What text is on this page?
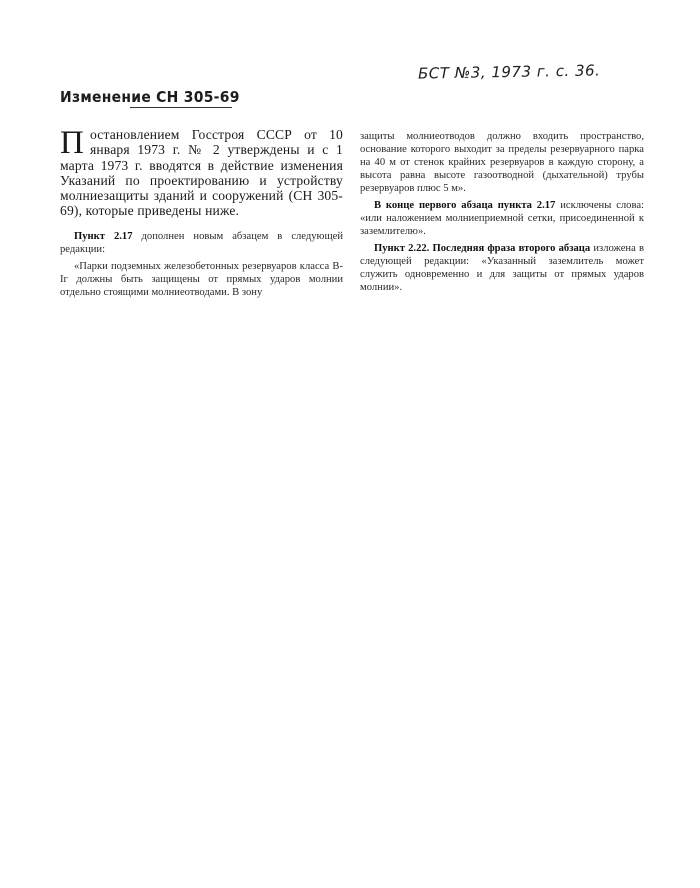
БСТ №3, 1973 г. с. 36.
Изменение СН 305-69

Постановлением Госстроя СССР от 10 января 1973 г. № 2 утверждены и с 1 марта 1973 г. вводятся в действие изменения Указаний по проектированию и устройству молниезащиты зданий и сооружений (СН 305-69), которые приведены ниже.

Пункт 2.17 дополнен новым абзацем в следующей редакции:

«Парки подземных железобетонных резервуаров класса В-Iг должны быть защищены от прямых ударов молнии отдельно стоящими молниеотводами. В зону

защиты молниеотводов должно входить пространство, основание которого выходит за пределы резервуарного парка на 40 м от стенок крайних резервуаров в каждую сторону, а высота равна высоте газоотводной (дыхательной) трубы резервуаров плюс 5 м».

В конце первого абзаца пункта 2.17 исключены слова: «или наложением молниеприемной сетки, присоединенной к заземлителю».

Пункт 2.22. Последняя фраза второго абзаца изложена в следующей редакции: «Указанный заземлитель может служить одновременно и для защиты от прямых ударов молнии».
